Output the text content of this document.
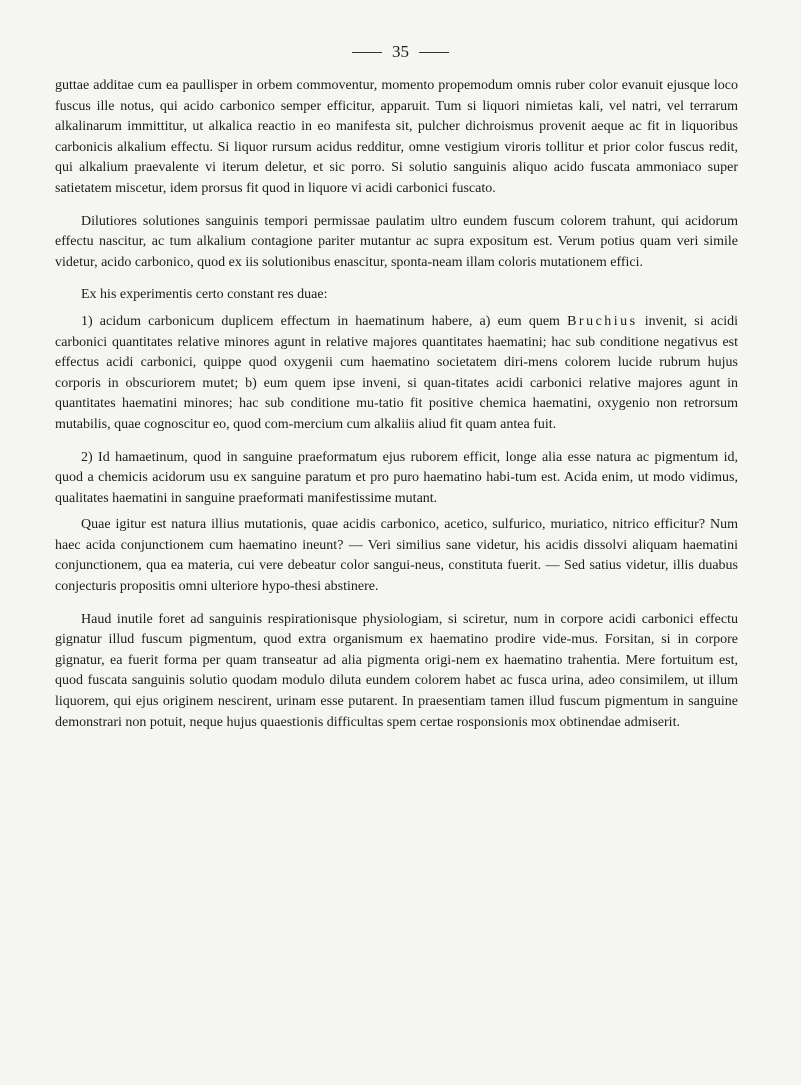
35

guttae additae cum ea paullisper in orbem commoventur, momento propemodum omnis ruber color evanuit ejusque loco fuscus ille notus, qui acido carbonico semper efficitur, apparuit. Tum si liquori nimietas kali, vel natri, vel terrarum alkalinarum immittitur, ut alkalica reactio in eo manifesta sit, pulcher dichroismus provenit aeque ac fit in liquoribus carbonicis alkalium effectu. Si liquor rursum acidus redditur, omne vestigium viroris tollitur et prior color fuscus redit, qui alkalium praevalente vi iterum deletur, et sic porro. Si solutio sanguinis aliquo acido fuscata ammoniaco super satietatem miscetur, idem prorsus fit quod in liquore vi acidi carbonici fuscato.

Dilutiores solutiones sanguinis tempori permissae paulatim ultro eundem fuscum colorem trahunt, qui acidorum effectu nascitur, ac tum alkalium contagione pariter mutantur ac supra expositum est. Verum potius quam veri simile videtur, acido carbonico, quod ex iis solutionibus enascitur, sponta-neam illam coloris mutationem effici.

Ex his experimentis certo constant res duae:

1) acidum carbonicum duplicem effectum in haematinum habere, a) eum quem Bruchius invenit, si acidi carbonici quantitates relative minores agunt in relative majores quantitates haematini; hac sub conditione negativus est effectus acidi carbonici, quippe quod oxygenii cum haematino societatem diri-mens colorem lucide rubrum hujus corporis in obscuriorem mutet; b) eum quem ipse inveni, si quan-titates acidi carbonici relative majores agunt in quantitates haematini minores; hac sub conditione mu-tatio fit positive chemica haematini, oxygenio non retrorsum mutabilis, quae cognoscitur eo, quod com-mercium cum alkaliis aliud fit quam antea fuit.

2) Id hamaetinum, quod in sanguine praeformatum ejus ruborem efficit, longe alia esse natura ac pigmentum id, quod a chemicis acidorum usu ex sanguine paratum et pro puro haematino habi-tum est. Acida enim, ut modo vidimus, qualitates haematini in sanguine praeformati manifestissime mutant.

Quae igitur est natura illius mutationis, quae acidis carbonico, acetico, sulfurico, muriatico, nitrico efficitur? Num haec acida conjunctionem cum haematino ineunt? — Veri similius sane videtur, his acidis dissolvi aliquam haematini conjunctionem, qua ea materia, cui vere debeatur color sangui-neus, constituta fuerit. — Sed satius videtur, illis duabus conjecturis propositis omni ulteriore hypo-thesi abstinere.

Haud inutile foret ad sanguinis respirationisque physiologiam, si sciretur, num in corpore acidi carbonici effectu gignatur illud fuscum pigmentum, quod extra organismum ex haematino prodire vide-mus. Forsitan, si in corpore gignatur, ea fuerit forma per quam transeatur ad alia pigmenta origi-nem ex haematino trahentia. Mere fortuitum est, quod fuscata sanguinis solutio quodam modulo diluta eundem colorem habet ac fusca urina, adeo consimilem, ut illum liquorem, qui ejus originem nescirent, urinam esse putarent. In praesentiam tamen illud fuscum pigmentum in sanguine demonstrari non potuit, neque hujus quaestionis difficultas spem certae rosponsionis mox obtinendae admiserit.
